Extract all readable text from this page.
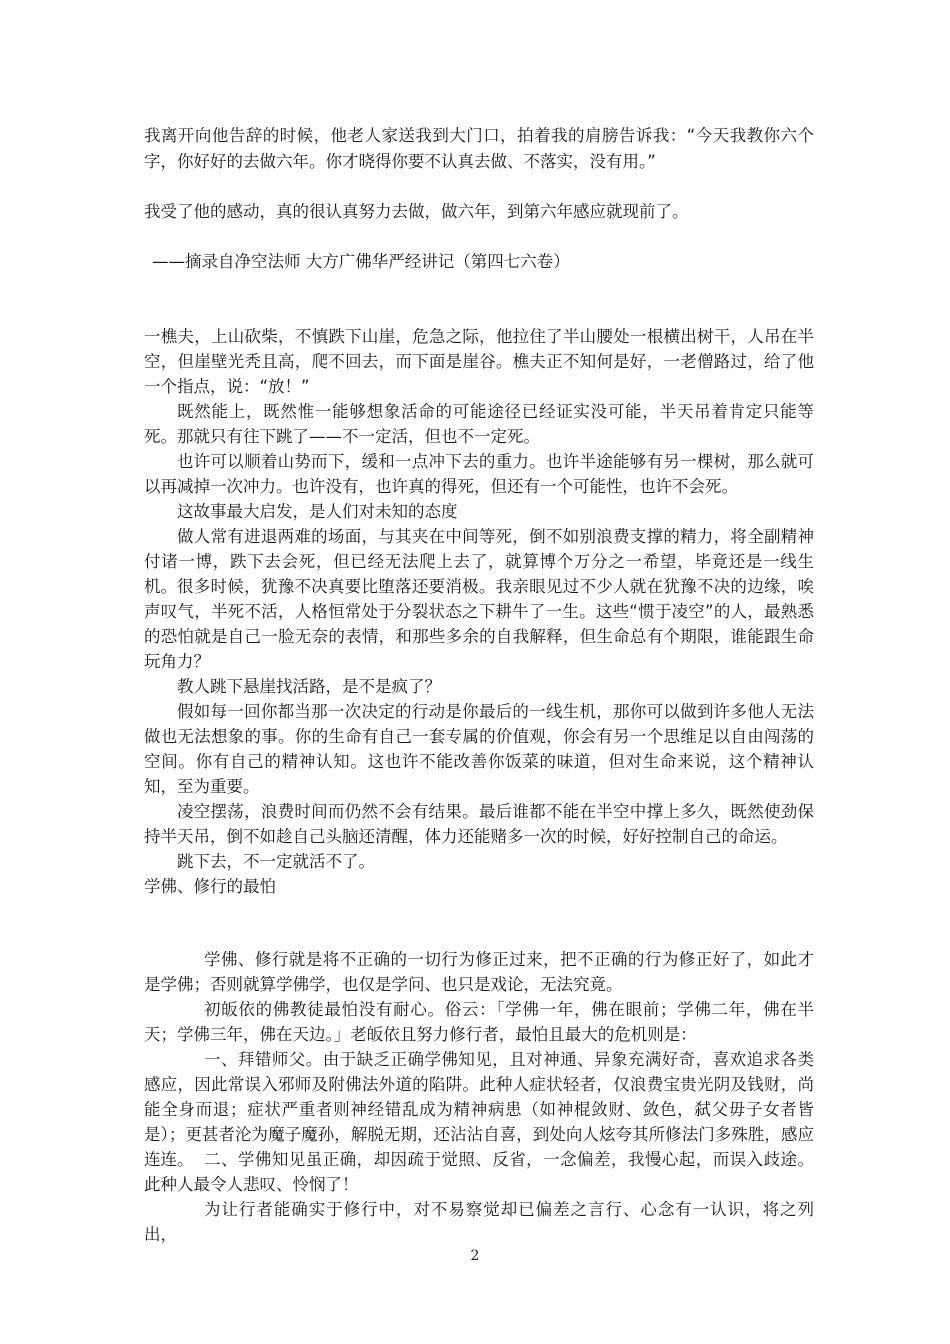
我离开向他告辞的时候，他老人家送我到大门口，拍着我的肩膀告诉我：“今天我教你六个字，你好好的去做六年。你才晓得你要不认真去做、不落实，没有用。”

我受了他的感动，真的很认真努力去做，做六年，到第六年感应就现前了。

——摘录自净空法师 大方广佛华严经讲记（第四七六卷）

一樵夫，上山砍柴，不慎跌下山崖，危急之际，他拉住了半山腰处一根横出树干，人吊在半空，但崖壁光秃且高，爬不回去，而下面是崖谷。樵夫正不知何是好，一老僧路过，给了他一个指点，说：“放！”

既然能上，既然惟一能够想象活命的可能途径已经证实没可能，半天吊着肯定只能等死。那就只有往下跳了——不一定活，但也不一定死。

也许可以顺着山势而下，缓和一点冲下去的重力。也许半途能够有另一棵树，那么就可以再减掉一次冲力。也许没有，也许真的得死，但还有一个可能性，也许不会死。

这故事最大启发，是人们对未知的态度

做人常有进退两难的场面，与其夹在中间等死，倒不如别浪费支撑的精力，将全副精神付诸一博，跌下去会死，但已经无法爬上去了，就算博个万分之一希望，毕竟还是一线生机。 很多时候，犹豫不决真要比堕落还要消极。我亲眼见过不少人就在犹豫不决的边缘，唉声叹气，半死不活，人格恒常处于分裂状态之下耕牛了一生。这些“惯于凌空”的人，最熟悉的恐怕就是自己一脸无奈的表情，和那些多余的自我解释，但生命总有个期限，谁能跟生命玩角力？

教人跳下悬崖找活路，是不是疯了？

假如每一回你都当那一次决定的行动是你最后的一线生机，那你可以做到许多他人无法做也无法想象的事。你的生命有自己一套专属的价值观，你会有另一个思维足以自由闯荡的空间。你有自己的精神认知。这也许不能改善你饭菜的味道，但对生命来说，这个精神认知，至为重要。

凌空摆荡，浪费时间而仍然不会有结果。最后谁都不能在半空中撑上多久，既然使劲保持半天吊，倒不如趁自己头脑还清醒，体力还能赌多一次的时候，好好控制自己的命运。

跳下去，不一定就活不了。

学佛、修行的最怕

学佛、修行就是将不正确的一切行为修正过来，把不正确的行为修正好了，如此才是学佛；否则就算学佛学，也仅是学问、也只是戏论，无法究竟。

初皈依的佛教徒最怕没有耐心。俗云：「学佛一年，佛在眼前；学佛二年，佛在半天；学佛三年，佛在天边。」老皈依且努力修行者，最怕且最大的危机则是：

一、拜错师父。由于缺乏正确学佛知见，且对神通、异象充满好奇，喜欢追求各类感应，因此常误入邪师及附佛法外道的陷阱。此种人症状轻者，仅浪费宝贵光阴及钱财，尚能全身而退；症状严重者则神经错乱成为精神病患（如神棍敛财、敛色，弑父毋子女者皆是）；更甚者沦为魔子魔孙，解脱无期，还沾沾自喜，到处向人炫夸其所修法门多殊胜，感应连连。 二、学佛知见虽正确，却因疏于觉照、反省，一念偏差，我慢心起，而误入歧途。此种人最令人悲叹、怜悯了！

为让行者能确实于修行中，对不易察觉却已偏差之言行、心念有一认识，将之列出，

2
